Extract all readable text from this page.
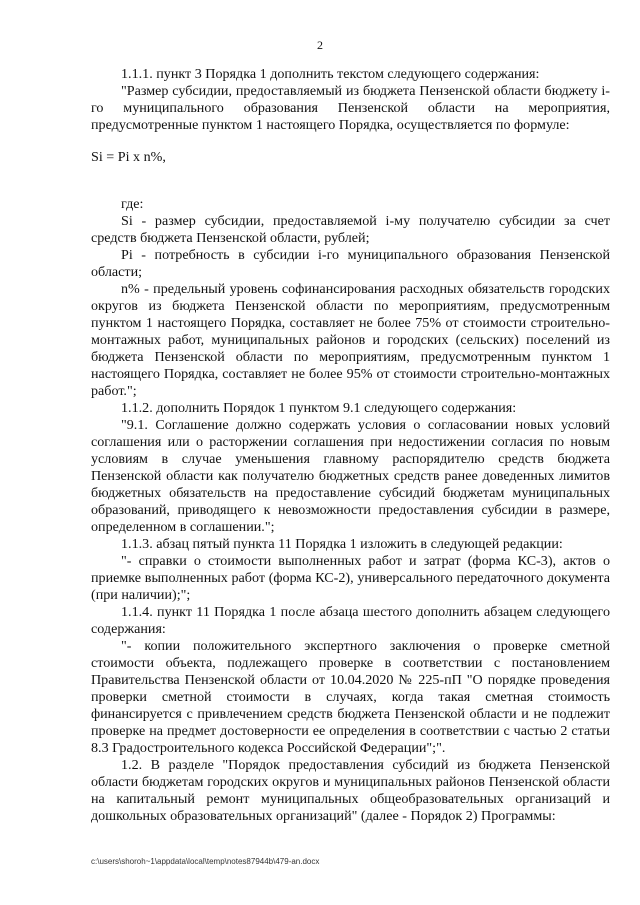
2

1.1.1. пункт 3 Порядка 1 дополнить текстом следующего содержания:

"Размер субсидии, предоставляемый из бюджета Пензенской области бюджету i-го муниципального образования Пензенской области на мероприятия, предусмотренные пунктом 1 настоящего Порядка, осуществляется по формуле:

Si = Pi x n%,

где:

Si - размер субсидии, предоставляемой i-му получателю субсидии за счет средств бюджета Пензенской области, рублей;

Pi - потребность в субсидии i-го муниципального образования Пензенской области;

n% - предельный уровень софинансирования расходных обязательств городских округов из бюджета Пензенской области по мероприятиям, предусмотренным пунктом 1 настоящего Порядка, составляет не более 75% от стоимости строительно-монтажных работ, муниципальных районов и городских (сельских) поселений из бюджета Пензенской области по мероприятиям, предусмотренным пунктом 1 настоящего Порядка, составляет не более 95% от стоимости строительно-монтажных работ.";

1.1.2. дополнить Порядок 1 пунктом 9.1 следующего содержания:

"9.1. Соглашение должно содержать условия о согласовании новых условий соглашения или о расторжении соглашения при недостижении согласия по новым условиям в случае уменьшения главному распорядителю средств бюджета Пензенской области как получателю бюджетных средств ранее доведенных лимитов бюджетных обязательств на предоставление субсидий бюджетам муниципальных образований, приводящего к невозможности предоставления субсидии в размере, определенном в соглашении.";

1.1.3. абзац пятый пункта 11 Порядка 1 изложить в следующей редакции:

"- справки о стоимости выполненных работ и затрат (форма КС-3), актов о приемке выполненных работ (форма КС-2), универсального передаточного документа (при наличии);";

1.1.4. пункт 11 Порядка 1 после абзаца шестого дополнить абзацем следующего содержания:

"- копии положительного экспертного заключения о проверке сметной стоимости объекта, подлежащего проверке в соответствии с постановлением Правительства Пензенской области от 10.04.2020 № 225-пП "О порядке проведения проверки сметной стоимости в случаях, когда такая сметная стоимость финансируется с привлечением средств бюджета Пензенской области и не подлежит проверке на предмет достоверности ее определения в соответствии с частью 2 статьи 8.3 Градостроительного кодекса Российской Федерации";".

1.2. В разделе "Порядок предоставления субсидий из бюджета Пензенской области бюджетам городских округов и муниципальных районов Пензенской области на капитальный ремонт муниципальных общеобразовательных организаций и дошкольных образовательных организаций" (далее - Порядок 2) Программы:

c:\users\shoroh~1\appdata\local\temp\notes87944b\479-an.docx
